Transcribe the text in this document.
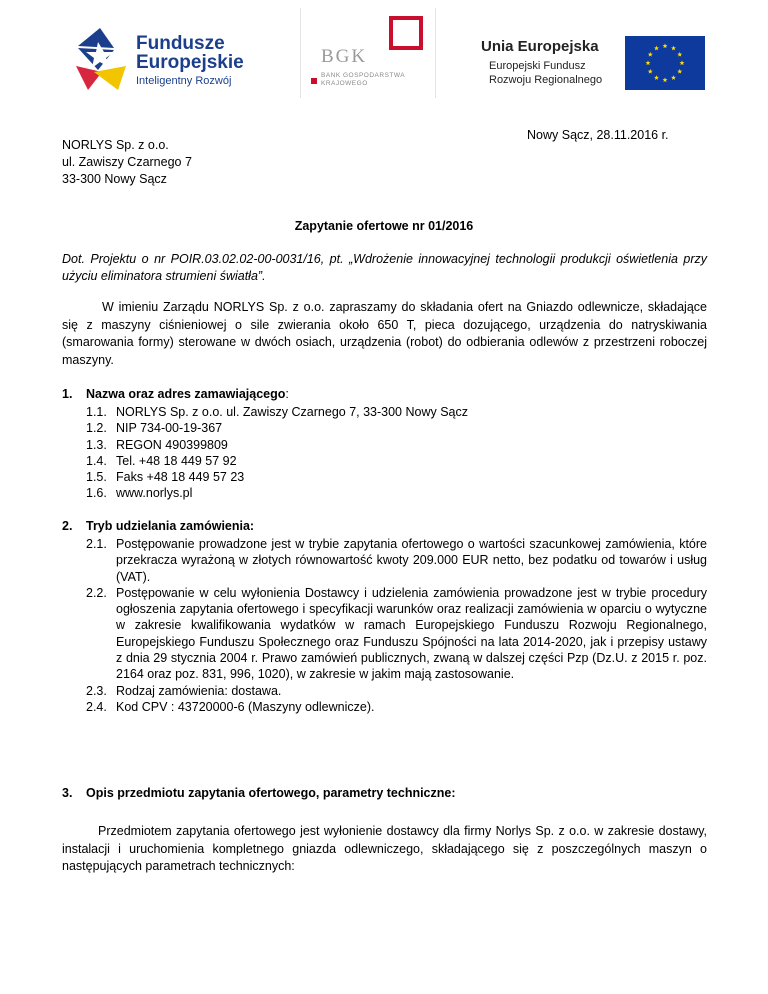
Fundusze
Europejskie
Inteligentny Rozwój
BGK
BANK GOSPODARSTWA KRAJOWEGO
Unia Europejska
Europejski Fundusz
Rozwoju Regionalnego
Nowy Sącz, 28.11.2016 r.
NORLYS Sp. z o.o.
ul. Zawiszy Czarnego 7
33-300 Nowy Sącz
Zapytanie ofertowe nr 01/2016
Dot. Projektu o nr POIR.03.02.02-00-0031/16, pt. „Wdrożenie innowacyjnej technologii produkcji oświetlenia przy użyciu eliminatora strumieni światła”.
W imieniu Zarządu NORLYS Sp. z o.o. zapraszamy do składania ofert na Gniazdo odlewnicze, składające się z maszyny ciśnieniowej o sile zwierania około 650 T, pieca dozującego, urządzenia do natryskiwania (smarowania formy) sterowane w dwóch osiach, urządzenia (robot) do odbierania odlewów z przestrzeni roboczej maszyny.
1. Nazwa oraz adres zamawiającego:
1.1. NORLYS Sp. z o.o. ul. Zawiszy Czarnego 7, 33-300 Nowy Sącz
1.2. NIP 734-00-19-367
1.3. REGON 490399809
1.4. Tel. +48 18 449 57 92
1.5. Faks +48 18 449 57 23
1.6. www.norlys.pl
2. Tryb udzielania zamówienia:
2.1. Postępowanie prowadzone jest w trybie zapytania ofertowego o wartości szacunkowej zamówienia, które przekracza wyrażoną w złotych równowartość kwoty 209.000 EUR netto, bez podatku od towarów i usług (VAT).
2.2. Postępowanie w celu wyłonienia Dostawcy i udzielenia zamówienia prowadzone jest w trybie procedury ogłoszenia zapytania ofertowego i specyfikacji warunków oraz realizacji zamówienia w oparciu o wytyczne w zakresie kwalifikowania wydatków w ramach Europejskiego Funduszu Rozwoju Regionalnego, Europejskiego Funduszu Społecznego oraz Funduszu Spójności na lata 2014-2020, jak i przepisy ustawy z dnia 29 stycznia 2004 r. Prawo zamówień publicznych, zwaną w dalszej części Pzp (Dz.U. z 2015 r. poz. 2164 oraz poz. 831, 996, 1020), w zakresie w jakim mają zastosowanie.
2.3. Rodzaj zamówienia: dostawa.
2.4. Kod CPV : 43720000-6 (Maszyny odlewnicze).
3. Opis przedmiotu zapytania ofertowego, parametry techniczne:
Przedmiotem zapytania ofertowego jest wyłonienie dostawcy dla firmy Norlys Sp. z o.o. w zakresie dostawy, instalacji i uruchomienia kompletnego gniazda odlewniczego, składającego się z poszczególnych maszyn o następujących parametrach technicznych:
